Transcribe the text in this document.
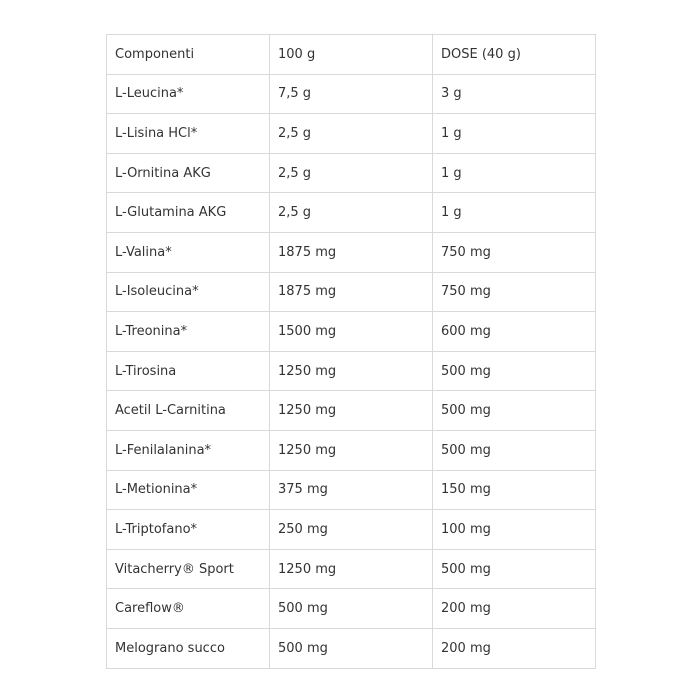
Componenti	100 g	DOSE (40 g)
L-Leucina*	7,5 g	3 g
L-Lisina HCl*	2,5 g	1 g
L-Ornitina AKG	2,5 g	1 g
L-Glutamina AKG	2,5 g	1 g
L-Valina*	1875 mg	750 mg
L-Isoleucina*	1875 mg	750 mg
L-Treonina*	1500 mg	600 mg
L-Tirosina	1250 mg	500 mg
Acetil L-Carnitina	1250 mg	500 mg
L-Fenilalanina*	1250 mg	500 mg
L-Metionina*	375 mg	150 mg
L-Triptofano*	250 mg	100 mg
Vitacherry® Sport	1250 mg	500 mg
Careflow®	500 mg	200 mg
Melograno succo	500 mg	200 mg
